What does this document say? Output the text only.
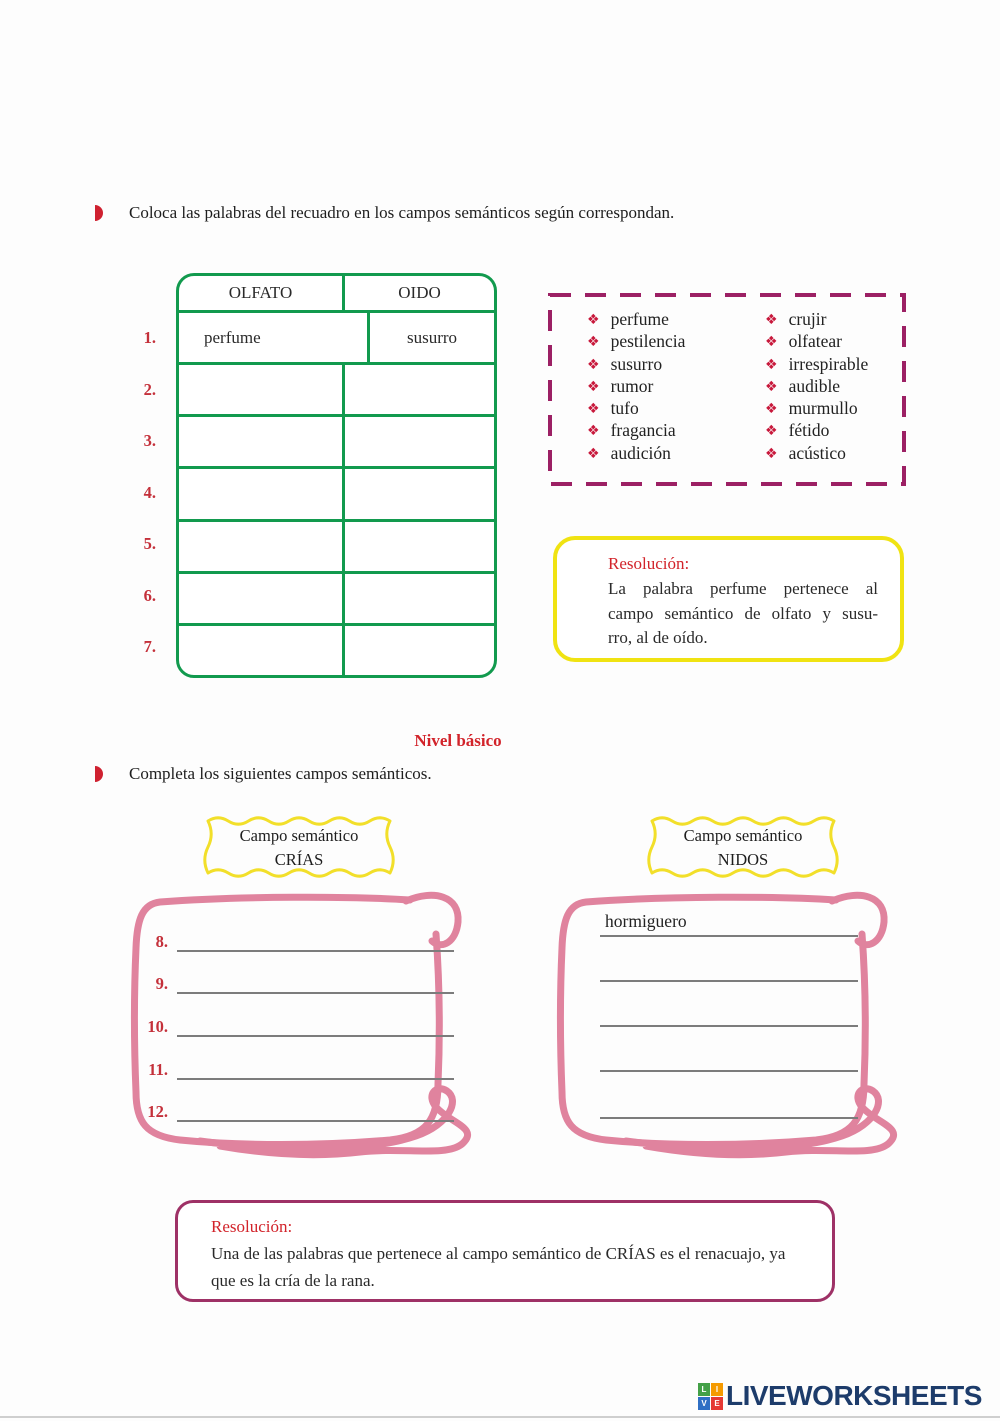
Coloca las palabras del recuadro en los campos semánticos según correspondan.
OLFATO	OIDO
perfume	susurro
1.
2.
3.
4.
5.
6.
7.
❖ perfume
❖ pestilencia
❖ susurro
❖ rumor
❖ tufo
❖ fragancia
❖ audición
❖ crujir
❖ olfatear
❖ irrespirable
❖ audible
❖ murmullo
❖ fétido
❖ acústico
Resolución:
La palabra perfume pertenece al
campo semántico de olfato y susu-
rro, al de oído.
Nivel básico
Completa los siguientes campos semánticos.
Campo semántico
CRÍAS
Campo semántico
NIDOS
8.
9.
10.
11.
12.
hormiguero
Resolución:
Una de las palabras que pertenece al campo semántico de CRÍAS es el renacuajo, ya que es la cría de la rana.
L	I
V E LIVEWORKSHEETS
